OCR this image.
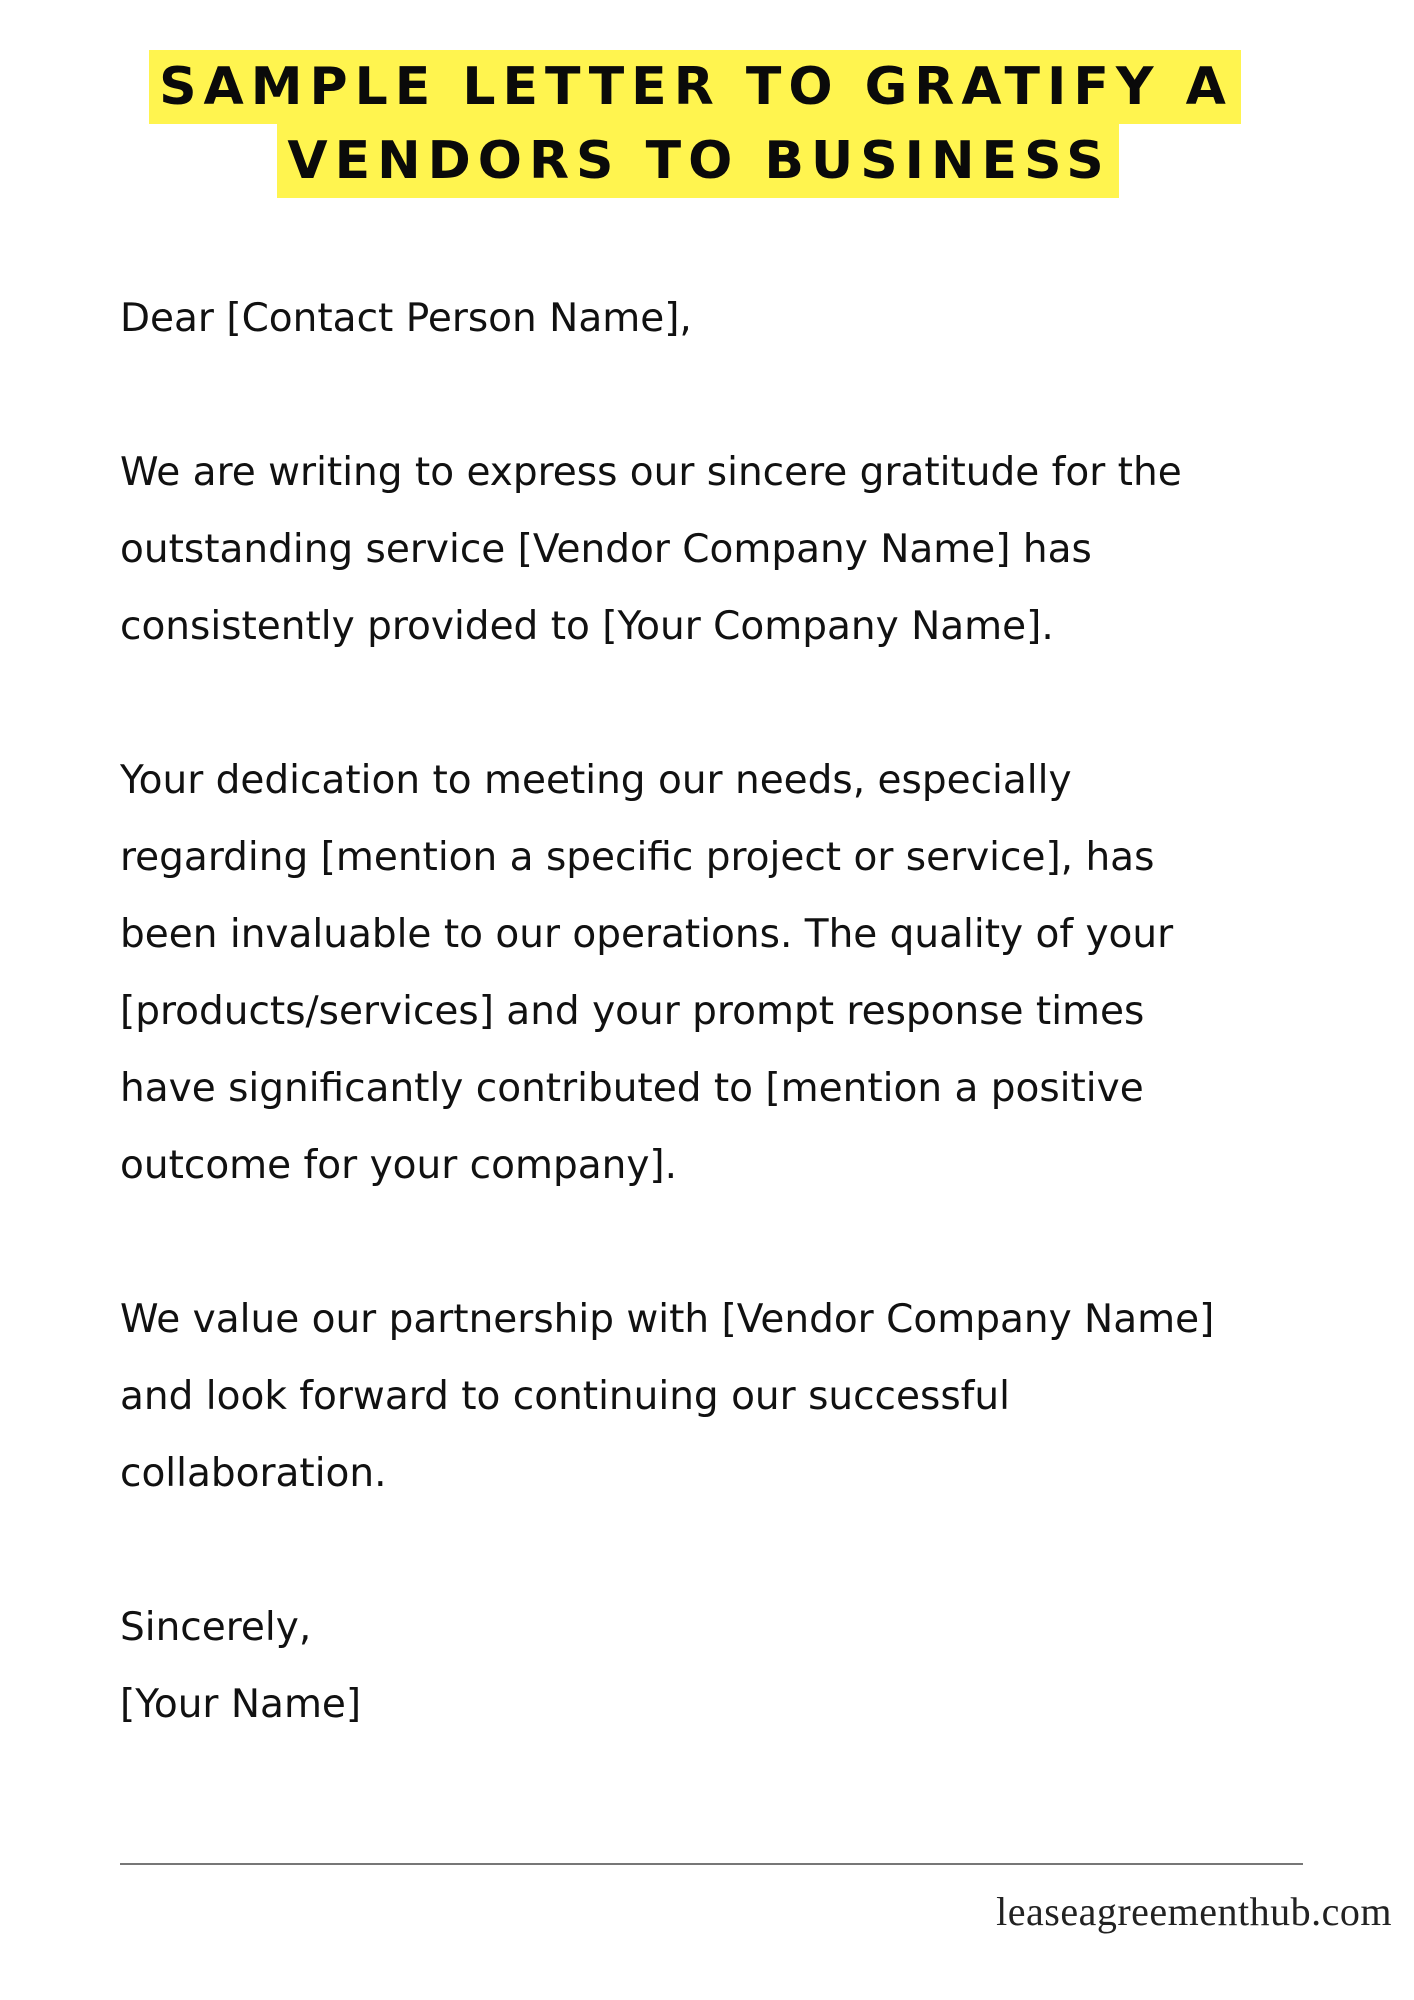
SAMPLE LETTER TO GRATIFY A
VENDORS TO BUSINESS

Dear [Contact Person Name],

We are writing to express our sincere gratitude for the
outstanding service [Vendor Company Name] has
consistently provided to [Your Company Name].

Your dedication to meeting our needs, especially
regarding [mention a specific project or service], has
been invaluable to our operations. The quality of your
[products/services] and your prompt response times
have significantly contributed to [mention a positive
outcome for your company].

We value our partnership with [Vendor Company Name]
and look forward to continuing our successful
collaboration.

Sincerely,
[Your Name]

leaseagreementhub.com
